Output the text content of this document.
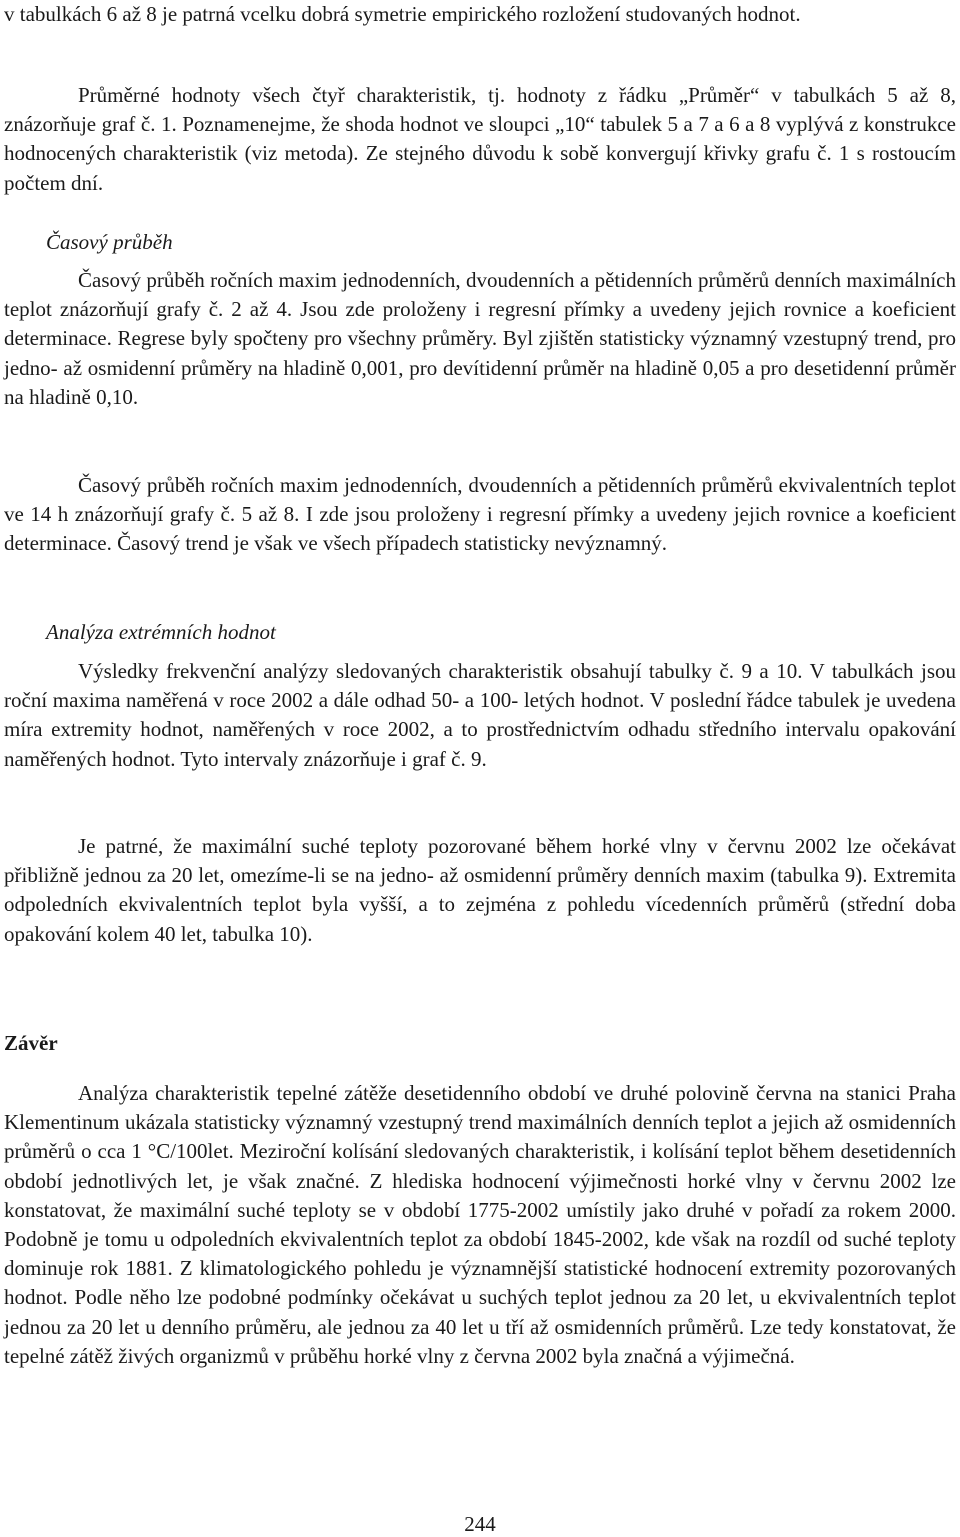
v tabulkách 6 až 8 je patrná vcelku dobrá symetrie empirického rozložení studovaných hodnot.

Průměrné hodnoty všech čtyř charakteristik, tj. hodnoty z řádku „Průměr“ v tabulkách 5 až 8, znázorňuje graf č. 1. Poznamenejme, že shoda hodnot ve sloupci „10“ tabulek 5 a 7 a 6 a 8 vyplývá z konstrukce hodnocených charakteristik (viz metoda). Ze stejného důvodu k sobě konvergují křivky grafu č. 1 s rostoucím počtem dní.

Časový průběh

Časový průběh ročních maxim jednodenních, dvoudenních a pětidenních průměrů denních maximálních teplot znázorňují grafy č. 2 až 4. Jsou zde proloženy i regresní přímky a uvedeny jejich rovnice a koeficient determinace. Regrese byly spočteny pro všechny průměry. Byl zjištěn statisticky významný vzestupný trend, pro jedno- až osmidenní průměry na hladině 0,001, pro devítidenní průměr na hladině 0,05 a pro desetidenní průměr na hladině 0,10.

Časový průběh ročních maxim jednodenních, dvoudenních a pětidenních průměrů ekvivalentních teplot ve 14 h znázorňují grafy č. 5 až 8. I zde jsou proloženy i regresní přímky a uvedeny jejich rovnice a koeficient determinace. Časový trend je však ve všech případech statisticky nevýznamný.

Analýza extrémních hodnot

Výsledky frekvenční analýzy sledovaných charakteristik obsahují tabulky č. 9 a 10. V tabulkách jsou roční maxima naměřená v roce 2002 a dále odhad 50- a 100- letých hodnot. V poslední řádce tabulek je uvedena míra extremity hodnot, naměřených v roce 2002, a to prostřednictvím odhadu středního intervalu opakování naměřených hodnot. Tyto intervaly znázorňuje i graf č. 9.

Je patrné, že maximální suché teploty pozorované během horké vlny v červnu 2002 lze očekávat přibližně jednou za 20 let, omezíme-li se na jedno- až osmidenní průměry denních maxim (tabulka 9). Extremita odpoledních ekvivalentních teplot byla vyšší, a to zejména z pohledu vícedenních průměrů (střední doba opakování kolem 40 let, tabulka 10).

Závěr

Analýza charakteristik tepelné zátěže desetidenního období ve druhé polovině června na stanici Praha Klementinum ukázala statisticky významný vzestupný trend maximálních denních teplot a jejich až osmidenních průměrů o cca 1 °C/100let. Meziroční kolísání sledovaných charakteristik, i kolísání teplot během desetidenních období jednotlivých let, je však značné. Z hlediska hodnocení výjimečnosti horké vlny v červnu 2002 lze konstatovat, že maximální suché teploty se v období 1775-2002 umístily jako druhé v pořadí za rokem 2000. Podobně je tomu u odpoledních ekvivalentních teplot za období 1845-2002, kde však na rozdíl od suché teploty dominuje rok 1881. Z klimatologického pohledu je významnější statistické hodnocení extremity pozorovaných hodnot. Podle něho lze podobné podmínky očekávat u suchých teplot jednou za 20 let, u ekvivalentních teplot jednou za 20 let u denního průměru, ale jednou za 40 let u tří až osmidenních průměrů. Lze tedy konstatovat, že tepelné zátěž živých organizmů v průběhu horké vlny z června 2002 byla značná a výjimečná.

244
